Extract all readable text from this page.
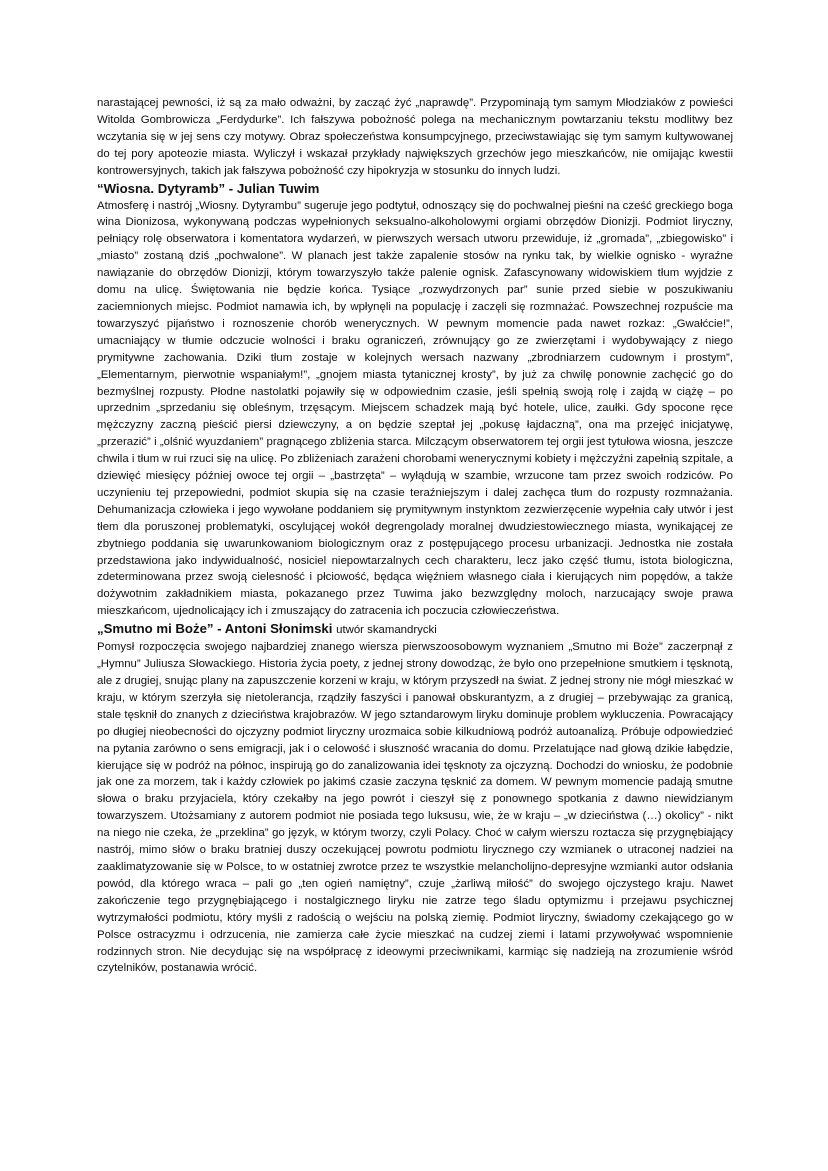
narastającej pewności, iż są za mało odważni, by zacząć żyć „naprawdę”. Przypominają tym samym Młodziaków z powieści Witolda Gombrowicza „Ferdydurke”. Ich fałszywa pobożność polega na mechanicznym powtarzaniu tekstu modlitwy bez wczytania się w jej sens czy motywy. Obraz społeczeństwa konsumpcyjnego, przeciwstawiając się tym samym kultywowanej do tej pory apoteozie miasta. Wyliczył i wskazał przykłady największych grzechów jego mieszkańców, nie omijając kwestii kontrowersyjnych, takich jak fałszywa pobożność czy hipokryzja w stosunku do innych ludzi.

“Wiosna. Dytyramb” - Julian Tuwim

Atmosferę i nastrój „Wiosny. Dytyrambu” sugeruje jego podtytuł, odnoszący się do pochwalnej pieśni na cześć greckiego boga wina Dionizosa, wykonywaną podczas wypełnionych seksualno-alkoholowymi orgiami obrzędów Dionizji. Podmiot liryczny, pełniący rolę obserwatora i komentatora wydarzeń, w pierwszych wersach utworu przewiduje, iż „gromada”, „zbiegowisko” i „miasto” zostaną dziś „pochwalone”. W planach jest także zapalenie stosów na rynku tak, by wielkie ognisko - wyraźne nawiązanie do obrzędów Dionizji, którym towarzyszyło także palenie ognisk. Zafascynowany widowiskiem tłum wyjdzie z domu na ulicę. Świętowania nie będzie końca. Tysiące „rozwydrzonych par” sunie przed siebie w poszukiwaniu zaciemnionych miejsc. Podmiot namawia ich, by wpłynęli na populację i zaczęli się rozmnażać. Powszechnej rozpuście ma towarzyszyć pijaństwo i roznoszenie chorób wenerycznych. W pewnym momencie pada nawet rozkaz: „Gwałćcie!”, umacniający w tłumie odczucie wolności i braku ograniczeń, zrównujący go ze zwierzętami i wydobywający z niego prymitywne zachowania. Dziki tłum zostaje w kolejnych wersach nazwany „zbrodniarzem cudownym i prostym”, „Elementarnym, pierwotnie wspaniałym!”, „gnojem miasta tytanicznej krosty”, by już za chwilę ponownie zachęcić go do bezmyślnej rozpusty. Płodne nastolatki pojawiły się w odpowiednim czasie, jeśli spełnią swoją rolę i zajdą w ciążę – po uprzednim „sprzedaniu się obleśnym, trzęsącym. Miejscem schadzek mają być hotele, ulice, zaułki. Gdy spocone ręce mężczyzny zaczną pieścić piersi dziewczyny, a on będzie szeptał jej „pokusę łajdaczną”, ona ma przejęć inicjatywę, „przerazić” i „olśnić wyuzdaniem” pragnącego zbliżenia starca. Milczącym obserwatorem tej orgii jest tytułowa wiosna, jeszcze chwila i tłum w rui rzuci się na ulicę. Po zbliżeniach zarażeni chorobami wenerycznymi kobiety i mężczyźni zapełnią szpitale, a dziewięć miesięcy później owoce tej orgii – „bastrzęta” – wyłądują w szambie, wrzucone tam przez swoich rodziców. Po uczynieniu tej przepowiedni, podmiot skupia się na czasie teraźniejszym i dalej zachęca tłum do rozpusty rozmnażania. Dehumanizacja człowieka i jego wywołane poddaniem się prymitywnym instynktom zezwierzęcenie wypełnia cały utwór i jest tłem dla poruszonej problematyki, oscylującej wokół degrengolady moralnej dwudziestowiecznego miasta, wynikającej ze zbytniego poddania się uwarunkowaniom biologicznym oraz z postępującego procesu urbanizacji. Jednostka nie została przedstawiona jako indywidualność, nosiciel niepowtarzalnych cech charakteru, lecz jako część tłumu, istota biologiczna, zdeterminowana przez swoją cielesność i płciowość, będąca więźniem własnego ciała i kierujących nim popędów, a także dożywotnim zakładnikiem miasta, pokazanego przez Tuwima jako bezwzględny moloch, narzucający swoje prawa mieszkańcom, ujednolicający ich i zmuszający do zatracenia ich poczucia człowieczeństwa.

„Smutno mi Boże” - Antoni Słonimski utwór skamandrycki

Pomysł rozpoczęcia swojego najbardziej znanego wiersza pierwszoosobowym wyznaniem „Smutno mi Boże” zaczerpnął z „Hymnu” Juliusza Słowackiego. Historia życia poety, z jednej strony dowodząc, że było ono przepełnione smutkiem i tęsknotą, ale z drugiej, snując plany na zapuszczenie korzeni w kraju, w którym przyszedł na świat. Z jednej strony nie mógł mieszkać w kraju, w którym szerzyła się nietolerancja, rządziły faszyści i panował obskurantyzm, a z drugiej – przebywając za granicą, stale tęsknił do znanych z dzieciństwa krajobrazów. W jego sztandarowym liryku dominuje problem wykluczenia. Powracający po długiej nieobecności do ojczyzny podmiot liryczny urozmaica sobie kilkudniową podróż autoanalizą. Próbuje odpowiedzieć na pytania zarówno o sens emigracji, jak i o celowość i słuszność wracania do domu. Przelatujące nad głową dzikie łabędzie, kierujące się w podróż na północ, inspirują go do zanalizowania idei tęsknoty za ojczyzną. Dochodzi do wniosku, że podobnie jak one za morzem, tak i każdy człowiek po jakimś czasie zaczyna tęsknić za domem. W pewnym momencie padają smutne słowa o braku przyjaciela, który czekałby na jego powrót i cieszył się z ponownego spotkania z dawno niewidzianym towarzyszem. Utożsamiany z autorem podmiot nie posiada tego luksusu, wie, że w kraju – „w dzieciństwa (…) okolicy” - nikt na niego nie czeka, że „przeklina” go język, w którym tworzy, czyli Polacy. Choć w całym wierszu roztacza się przygnębiający nastrój, mimo słów o braku bratniej duszy oczekującej powrotu podmiotu lirycznego czy wzmianek o utraconej nadziei na zaaklimatyzowanie się w Polsce, to w ostatniej zwrotce przez te wszystkie melancholijno-depresyjne wzmianki autor odsłania powód, dla którego wraca – pali go „ten ogień namiętny”, czuje „żarliwą miłość” do swojego ojczystego kraju. Nawet zakończenie tego przygnębiającego i nostalgicznego liryku nie zatrze tego śladu optymizmu i przejawu psychicznej wytrzymałości podmiotu, który myśli z radością o wejściu na polską ziemię. Podmiot liryczny, świadomy czekającego go w Polsce ostracyzmu i odrzucenia, nie zamierza całe życie mieszkać na cudzej ziemi i latami przywoływać wspomnienie rodzinnych stron. Nie decydując się na współpracę z ideowymi przeciwnikami, karmiąc się nadzieją na zrozumienie wśród czytelników, postanawia wrócić.
